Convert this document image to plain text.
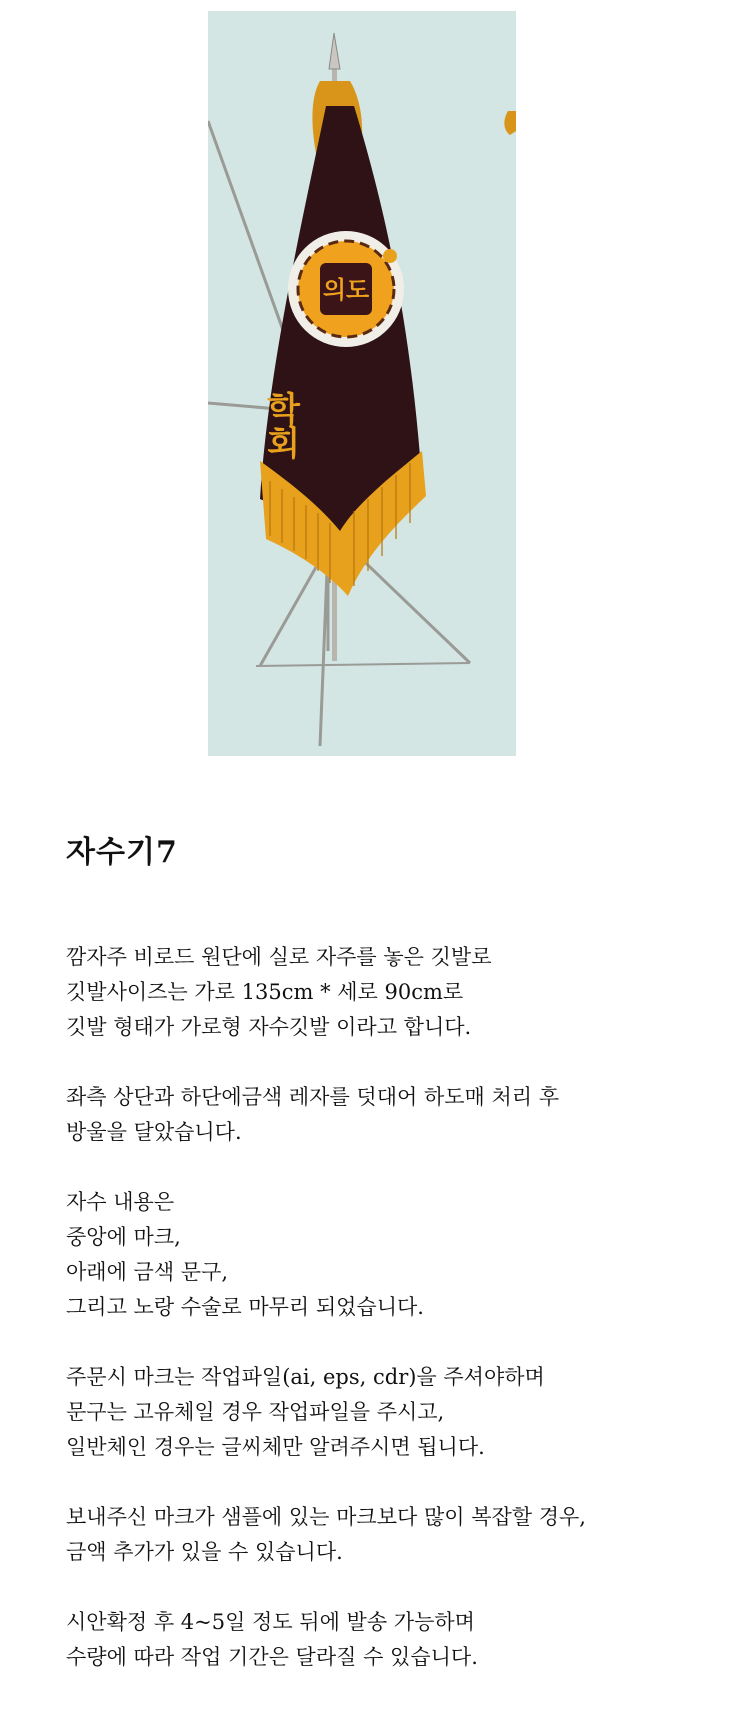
의도
학회
자수기7

깜자주 비로드 원단에 실로 자주를 놓은 깃발로
깃발사이즈는 가로 135cm * 세로 90cm로
깃발 형태가 가로형 자수깃발 이라고 합니다.

좌측 상단과 하단에금색 레자를 덧대어 하도매 처리 후
방울을 달았습니다.

자수 내용은
중앙에 마크,
아래에 금색 문구,
그리고 노랑 수술로 마무리 되었습니다.

주문시 마크는 작업파일(ai, eps, cdr)을 주셔야하며
문구는 고유체일 경우 작업파일을 주시고,
일반체인 경우는 글씨체만 알려주시면 됩니다.

보내주신 마크가 샘플에 있는 마크보다 많이 복잡할 경우,
금액 추가가 있을 수 있습니다.

시안확정 후 4~5일 정도 뒤에 발송 가능하며
수량에 따라 작업 기간은 달라질 수 있습니다.
